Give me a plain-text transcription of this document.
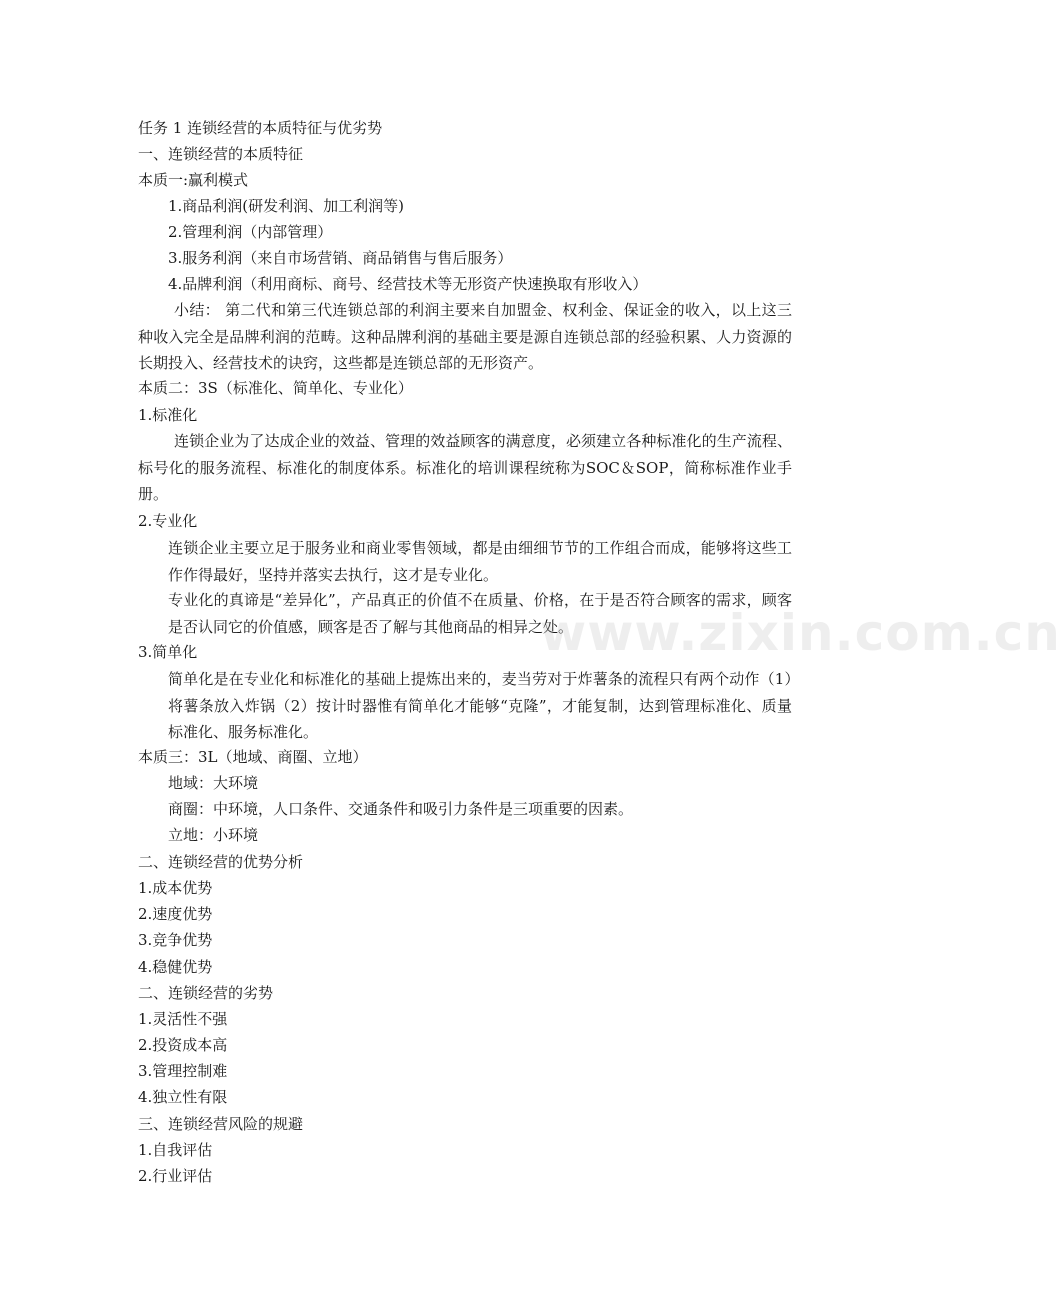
任务 1 连锁经营的本质特征与优劣势
一、连锁经营的本质特征
本质一:赢利模式
1.商品利润(研发利润、加工利润等)
2.管理利润（内部管理）
3.服务利润（来自市场营销、商品销售与售后服务）
4.品牌利润（利用商标、商号、经营技术等无形资产快速换取有形收入）
小结： 第二代和第三代连锁总部的利润主要来自加盟金、权利金、保证金的收入，以上这三种收入完全是品牌利润的范畴。这种品牌利润的基础主要是源自连锁总部的经验积累、人力资源的长期投入、经营技术的诀窍，这些都是连锁总部的无形资产。
本质二：3S（标准化、简单化、专业化）
1.标准化
连锁企业为了达成企业的效益、管理的效益顾客的满意度，必须建立各种标准化的生产流程、标号化的服务流程、标准化的制度体系。标准化的培训课程统称为SOC＆SOP，简称标准作业手册。
2.专业化
连锁企业主要立足于服务业和商业零售领域，都是由细细节节的工作组合而成，能够将这些工作作得最好，坚持并落实去执行，这才是专业化。
专业化的真谛是“差异化”，产品真正的价值不在质量、价格，在于是否符合顾客的需求，顾客是否认同它的价值感，顾客是否了解与其他商品的相异之处。
3.简单化
简单化是在专业化和标准化的基础上提炼出来的，麦当劳对于炸薯条的流程只有两个动作（1）将薯条放入炸锅（2）按计时器惟有简单化才能够“克隆”，才能复制，达到管理标准化、质量标准化、服务标准化。
本质三：3L（地域、商圈、立地）
地域：大环境
商圈：中环境，人口条件、交通条件和吸引力条件是三项重要的因素。
立地：小环境
二、连锁经营的优势分析
1.成本优势
2.速度优势
3.竞争优势
4.稳健优势
二、连锁经营的劣势
1.灵活性不强
2.投资成本高
3.管理控制难
4.独立性有限
三、连锁经营风险的规避
1.自我评估
2.行业评估
www.zixin.com.cn
